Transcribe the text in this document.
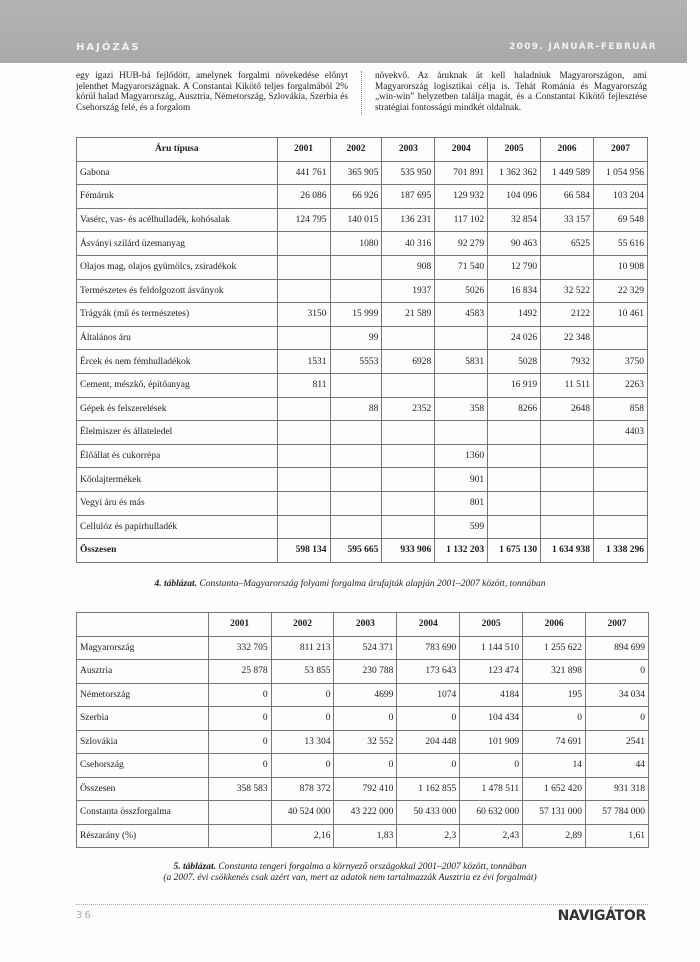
HAJÓZÁS	2009. JANUÁR–FEBRUÁR
egy igazi HUB-bá fejlődött, amelynek forgalmi növekedése előnyt jelenthet Magyarországnak. A Constantai Kikötő teljes forgalmából 2% körül halad Magyarország, Ausztria, Németország, Szlovákia, Szerbia és Csehország felé, és a forgalom
növekvő. Az áruknak át kell haladniuk Magyarországon, ami Magyarország logisztikai célja is. Tehát Románia és Magyarország „win-win” helyzetben találja magát, és a Constantai Kikötő fejlesztése stratégiai fontosságú mindkét oldalnak.
Áru típusa	2001	2002	2003	2004	2005	2006	2007
Gabona	441 761	365 905	535 950	701 891	1 362 362	1 449 589	1 054 956
Fémáruk	26 086	66 926	187 695	129 932	104 096	66 584	103 204
Vasérc, vas- és acélhulladék, kohósalak	124 795	140 015	136 231	117 102	32 854	33 157	69 548
Ásványi szilárd üzemanyag		1080	40 316	92 279	90 463	6525	55 616
Olajos mag, olajos gyümölcs, zsiradékok			908	71 540	12 790		10 908
Természetes és feldolgozott ásványok			1937	5026	16 834	32 522	22 329
Trágyák (mű és természetes)	3150	15 999	21 589	4583	1492	2122	10 461
Általános áru		99			24 026	22 348	
Ércek és nem fémhulladékok	1531	5553	6928	5831	5028	7932	3750
Cement, mészkő, építőanyag	811				16 919	11 511	2263
Gépek és felszerelések		88	2352	358	8266	2648	858
Élelmiszer és állateledel							4403
Élőállat és cukorrépa				1360			
Kőolajtermékek				901			
Vegyi áru és más				801			
Cellulóz és papírhulladék				599			
Összesen	598 134	595 665	933 906	1 132 203	1 675 130	1 634 938	1 338 296
4. táblázat. Constanta–Magyarország folyami forgalma árufajták alapján 2001–2007 között, tonnában
	2001	2002	2003	2004	2005	2006	2007
Magyarország	332 705	811 213	524 371	783 690	1 144 510	1 255 622	894 699
Ausztria	25 878	53 855	230 788	173 643	123 474	321 898	0
Németország	0	0	4699	1074	4184	195	34 034
Szerbia	0	0	0	0	104 434	0	0
Szlovákia	0	13 304	32 552	204 448	101 909	74 691	2541
Csehország	0	0	0	0	0	14	44
Összesen	358 583	878 372	792 410	1 162 855	1 478 511	1 652 420	931 318
Constanta összforgalma		40 524 000	43 222 000	50 433 000	60 632 000	57 131 000	57 784 000
Részarány (%)		2,16	1,83	2,3	2,43	2,89	1,61
5. táblázat. Constanta tengeri forgalma a környező országokkal 2001–2007 között, tonnában
(a 2007. évi csökkenés csak azért van, mert az adatok nem tartalmazzák Ausztria ez évi forgalmát)
36	NAVIGÁTOR
